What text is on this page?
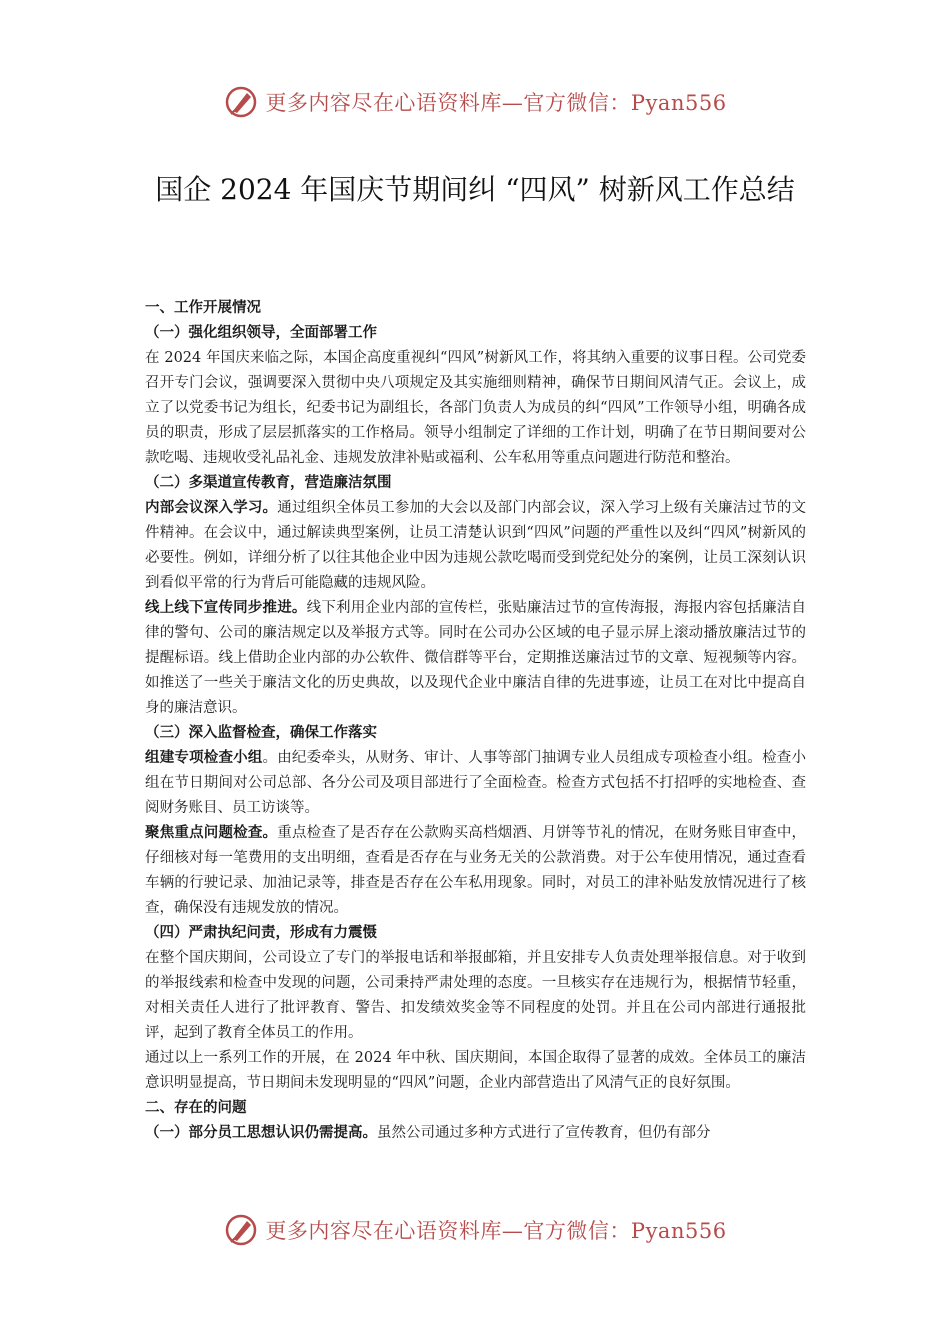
更多内容尽在心语资料库—官方微信：Pyan556
国企 2024 年国庆节期间纠 “四风” 树新风工作总结

一、工作开展情况

（一）强化组织领导，全面部署工作

在 2024 年国庆来临之际，本国企高度重视纠“四风”树新风工作，将其纳入重要的议事日程。公司党委召开专门会议，强调要深入贯彻中央八项规定及其实施细则精神，确保节日期间风清气正。会议上，成立了以党委书记为组长，纪委书记为副组长，各部门负责人为成员的纠“四风”工作领导小组，明确各成员的职责，形成了层层抓落实的工作格局。领导小组制定了详细的工作计划，明确了在节日期间要对公款吃喝、违规收受礼品礼金、违规发放津补贴或福利、公车私用等重点问题进行防范和整治。

（二）多渠道宣传教育，营造廉洁氛围

内部会议深入学习。通过组织全体员工参加的大会以及部门内部会议，深入学习上级有关廉洁过节的文件精神。在会议中，通过解读典型案例，让员工清楚认识到“四风”问题的严重性以及纠“四风”树新风的必要性。例如，详细分析了以往其他企业中因为违规公款吃喝而受到党纪处分的案例，让员工深刻认识到看似平常的行为背后可能隐藏的违规风险。

线上线下宣传同步推进。线下利用企业内部的宣传栏，张贴廉洁过节的宣传海报，海报内容包括廉洁自律的警句、公司的廉洁规定以及举报方式等。同时在公司办公区域的电子显示屏上滚动播放廉洁过节的提醒标语。线上借助企业内部的办公软件、微信群等平台，定期推送廉洁过节的文章、短视频等内容。如推送了一些关于廉洁文化的历史典故，以及现代企业中廉洁自律的先进事迹，让员工在对比中提高自身的廉洁意识。

（三）深入监督检查，确保工作落实

组建专项检查小组。由纪委牵头，从财务、审计、人事等部门抽调专业人员组成专项检查小组。检查小组在节日期间对公司总部、各分公司及项目部进行了全面检查。检查方式包括不打招呼的实地检查、查阅财务账目、员工访谈等。

聚焦重点问题检查。重点检查了是否存在公款购买高档烟酒、月饼等节礼的情况，在财务账目审查中，仔细核对每一笔费用的支出明细，查看是否存在与业务无关的公款消费。对于公车使用情况，通过查看车辆的行驶记录、加油记录等，排查是否存在公车私用现象。同时，对员工的津补贴发放情况进行了核查，确保没有违规发放的情况。

（四）严肃执纪问责，形成有力震慑

在整个国庆期间，公司设立了专门的举报电话和举报邮箱，并且安排专人负责处理举报信息。对于收到的举报线索和检查中发现的问题，公司秉持严肃处理的态度。一旦核实存在违规行为，根据情节轻重，对相关责任人进行了批评教育、警告、扣发绩效奖金等不同程度的处罚。并且在公司内部进行通报批评，起到了教育全体员工的作用。

通过以上一系列工作的开展，在 2024 年中秋、国庆期间，本国企取得了显著的成效。全体员工的廉洁意识明显提高，节日期间未发现明显的“四风”问题，企业内部营造出了风清气正的良好氛围。

二、存在的问题

（一）部分员工思想认识仍需提高。虽然公司通过多种方式进行了宣传教育，但仍有部分

更多内容尽在心语资料库—官方微信：Pyan556
